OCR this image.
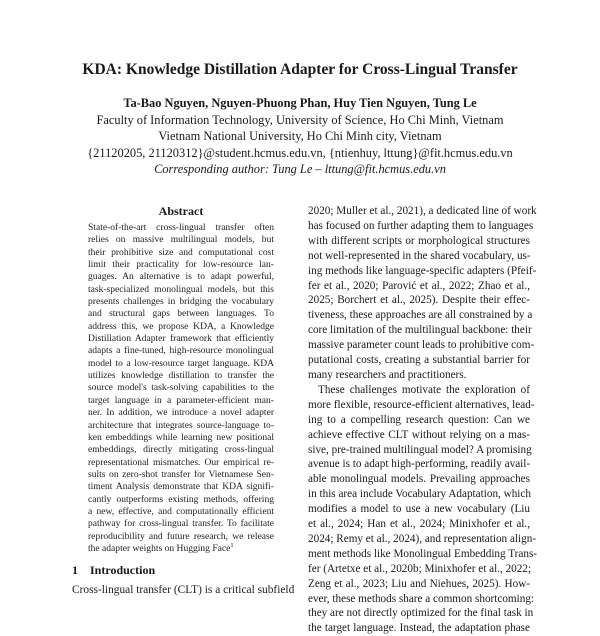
KDA: Knowledge Distillation Adapter for Cross-Lingual Transfer
Ta-Bao Nguyen, Nguyen-Phuong Phan, Huy Tien Nguyen, Tung Le
Faculty of Information Technology, University of Science, Ho Chi Minh, Vietnam
Vietnam National University, Ho Chi Minh city, Vietnam
{21120205, 21120312}@student.hcmus.edu.vn, {ntienhuy, lttung}@fit.hcmus.edu.vn
Corresponding author: Tung Le – lttung@fit.hcmus.edu.vn
Abstract
State-of-the-art cross-lingual transfer often
relies on massive multilingual models, but
their prohibitive size and computational cost
limit their practicality for low-resource lan-
guages. An alternative is to adapt powerful,
task-specialized monolingual models, but this
presents challenges in bridging the vocabulary
and structural gaps between languages. To
address this, we propose KDA, a Knowledge
Distillation Adapter framework that efficiently
adapts a fine-tuned, high-resource monolingual
model to a low-resource target language. KDA
utilizes knowledge distillation to transfer the
source model's task-solving capabilities to the
target language in a parameter-efficient man-
ner. In addition, we introduce a novel adapter
architecture that integrates source-language to-
ken embeddings while learning new positional
embeddings, directly mitigating cross-lingual
representational mismatches. Our empirical re-
sults on zero-shot transfer for Vietnamese Sen-
timent Analysis demonstrate that KDA signifi-
cantly outperforms existing methods, offering
a new, effective, and computationally efficient
pathway for cross-lingual transfer. To facilitate
reproducibility and future research, we release
the adapter weights on Hugging Face$^1$
1 Introduction
Cross-lingual transfer (CLT) is a critical subfield
2020; Muller et al., 2021), a dedicated line of work
has focused on further adapting them to languages
with different scripts or morphological structures
not well-represented in the shared vocabulary, us-
ing methods like language-specific adapters (Pfeif-
fer et al., 2020; Parović et al., 2022; Zhao et al.,
2025; Borchert et al., 2025). Despite their effec-
tiveness, these approaches are all constrained by a
core limitation of the multilingual backbone: their
massive parameter count leads to prohibitive com-
putational costs, creating a substantial barrier for
many researchers and practitioners.
These challenges motivate the exploration of
more flexible, resource-efficient alternatives, lead-
ing to a compelling research question: Can we
achieve effective CLT without relying on a mas-
sive, pre-trained multilingual model? A promising
avenue is to adapt high-performing, readily avail-
able monolingual models. Prevailing approaches
in this area include Vocabulary Adaptation, which
modifies a model to use a new vocabulary (Liu
et al., 2024; Han et al., 2024; Minixhofer et al.,
2024; Remy et al., 2024), and representation align-
ment methods like Monolingual Embedding Trans-
fer (Artetxe et al., 2020b; Minixhofer et al., 2022;
Zeng et al., 2023; Liu and Niehues, 2025). How-
ever, these methods share a common shortcoming:
they are not directly optimized for the final task in
the target language. Instead, the adaptation phase
